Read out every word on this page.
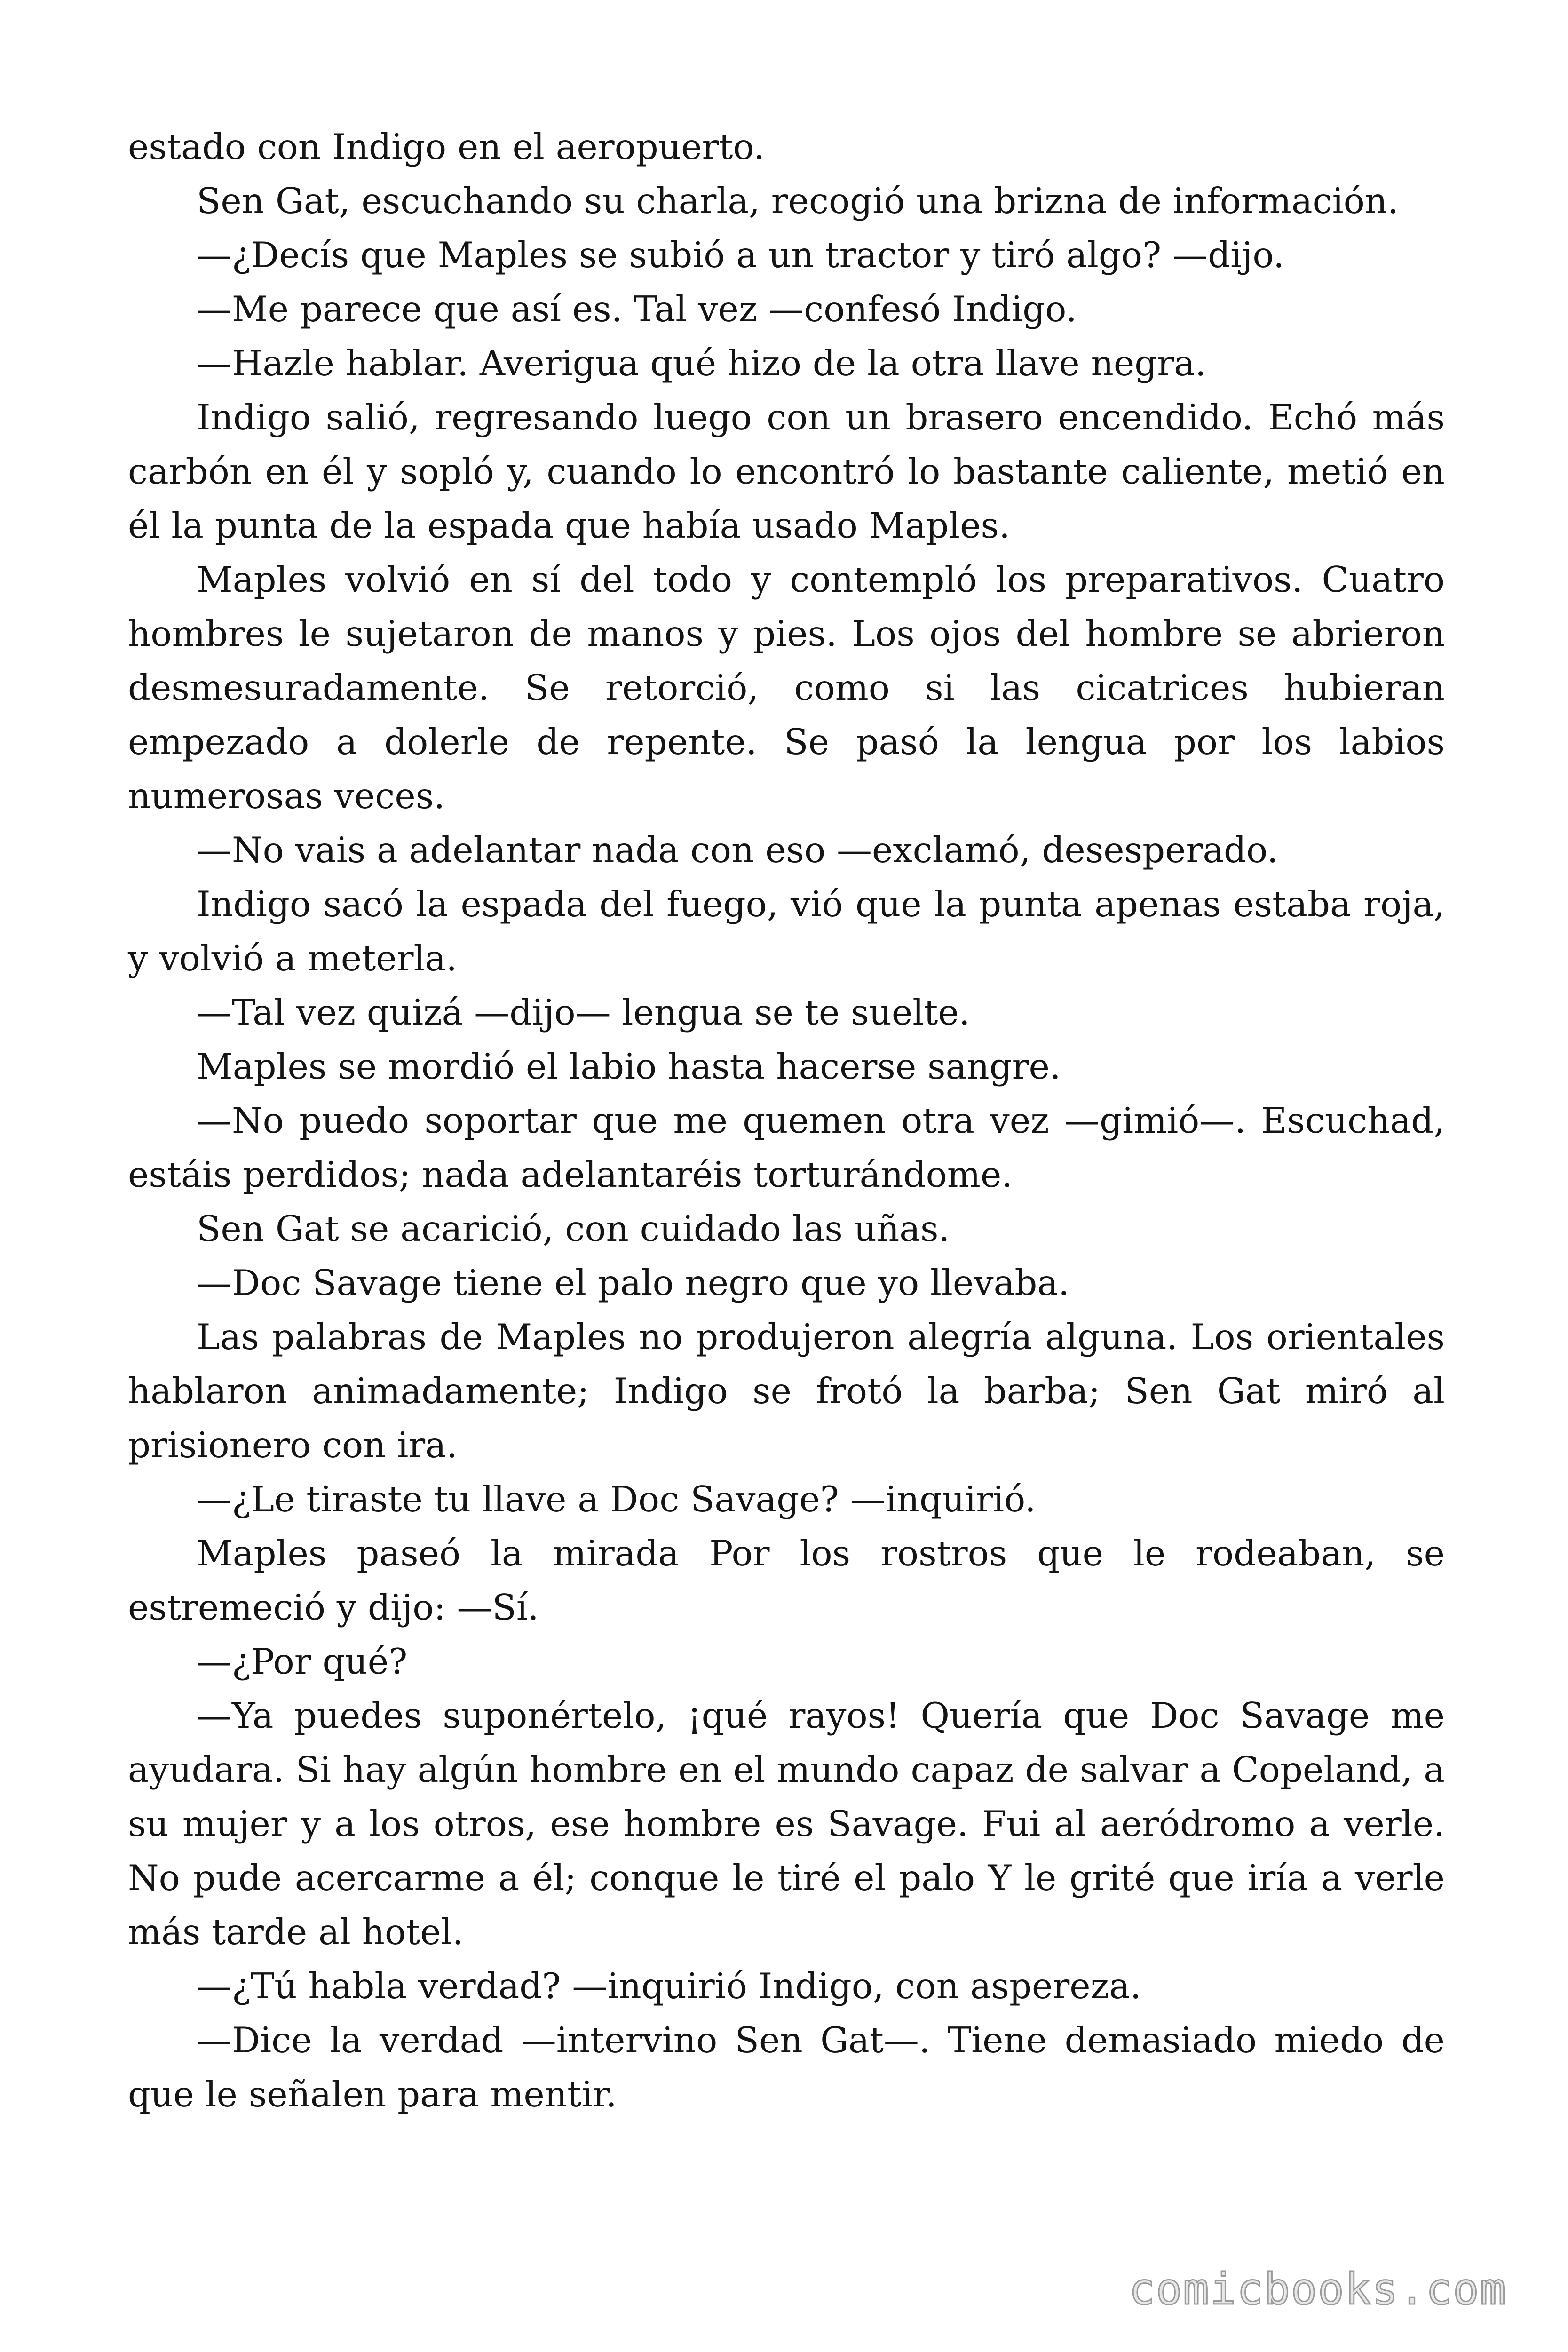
estado con Indigo en el aeropuerto.

Sen Gat, escuchando su charla, recogió una brizna de información.

—¿Decís que Maples se subió a un tractor y tiró algo? —dijo.

—Me parece que así es. Tal vez —confesó Indigo.

—Hazle hablar. Averigua qué hizo de la otra llave negra.

Indigo salió, regresando luego con un brasero encendido. Echó más carbón en él y sopló y, cuando lo encontró lo bastante caliente, metió en él la punta de la espada que había usado Maples.

Maples volvió en sí del todo y contempló los preparativos. Cuatro hombres le sujetaron de manos y pies. Los ojos del hombre se abrieron desmesuradamente. Se retorció, como si las cicatrices hubieran empezado a dolerle de repente. Se pasó la lengua por los labios numerosas veces.

—No vais a adelantar nada con eso —exclamó, desesperado.

Indigo sacó la espada del fuego, vió que la punta apenas estaba roja, y volvió a meterla.

—Tal vez quizá —dijo— lengua se te suelte.

Maples se mordió el labio hasta hacerse sangre.

—No puedo soportar que me quemen otra vez —gimió—. Escuchad, estáis perdidos; nada adelantaréis torturándome.

Sen Gat se acarició, con cuidado las uñas.

—Doc Savage tiene el palo negro que yo llevaba.

Las palabras de Maples no produjeron alegría alguna. Los orientales hablaron animadamente; Indigo se frotó la barba; Sen Gat miró al prisionero con ira.

—¿Le tiraste tu llave a Doc Savage? —inquirió.

Maples paseó la mirada Por los rostros que le rodeaban, se estremeció y dijo: —Sí.

—¿Por qué?

—Ya puedes suponértelo, ¡qué rayos! Quería que Doc Savage me ayudara. Si hay algún hombre en el mundo capaz de salvar a Copeland, a su mujer y a los otros, ese hombre es Savage. Fui al aeródromo a verle. No pude acercarme a él; conque le tiré el palo Y le grité que iría a verle más tarde al hotel.

—¿Tú habla verdad? —inquirió Indigo, con aspereza.

—Dice la verdad —intervino Sen Gat—. Tiene demasiado miedo de que le señalen para mentir.

comicbooks.com
